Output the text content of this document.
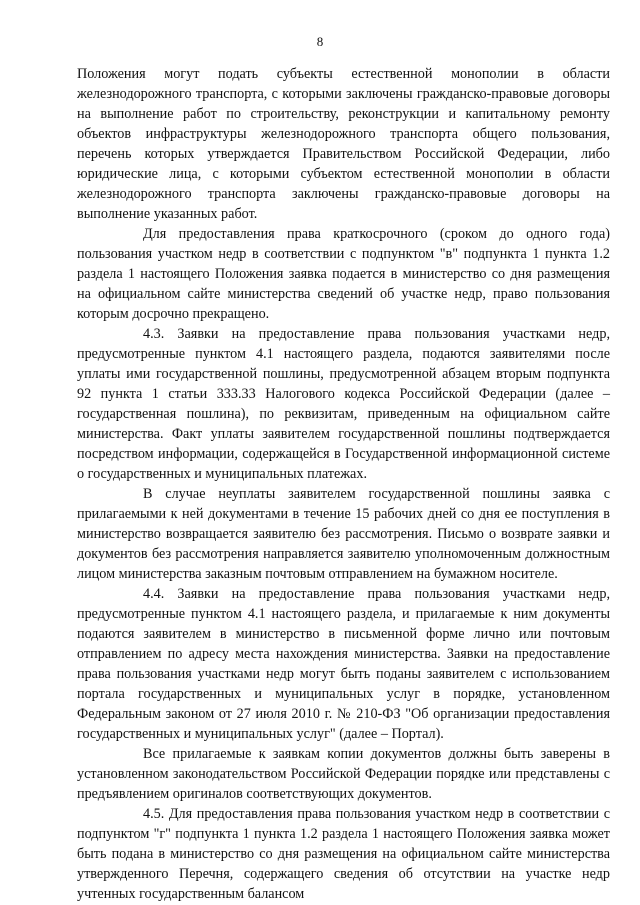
8

Положения могут подать субъекты естественной монополии в области железнодорожного транспорта, с которыми заключены гражданско-правовые договоры на выполнение работ по строительству, реконструкции и капитальному ремонту объектов инфраструктуры железнодорожного транспорта общего пользования, перечень которых утверждается Правительством Российской Федерации, либо юридические лица, с которыми субъектом естественной монополии в области железнодорожного транспорта заключены гражданско-правовые договоры на выполнение указанных работ.

Для предоставления права краткосрочного (сроком до одного года) пользования участком недр в соответствии с подпунктом "в" подпункта 1 пункта 1.2 раздела 1 настоящего Положения заявка подается в министерство со дня размещения на официальном сайте министерства сведений об участке недр, право пользования которым досрочно прекращено.

4.3. Заявки на предоставление права пользования участками недр, предусмотренные пунктом 4.1 настоящего раздела, подаются заявителями после уплаты ими государственной пошлины, предусмотренной абзацем вторым подпункта 92 пункта 1 статьи 333.33 Налогового кодекса Российской Федерации (далее – государственная пошлина), по реквизитам, приведенным на официальном сайте министерства. Факт уплаты заявителем государственной пошлины подтверждается посредством информации, содержащейся в Государственной информационной системе о государственных и муниципальных платежах.

В случае неуплаты заявителем государственной пошлины заявка с прилагаемыми к ней документами в течение 15 рабочих дней со дня ее поступления в министерство возвращается заявителю без рассмотрения. Письмо о возврате заявки и документов без рассмотрения направляется заявителю уполномоченным должностным лицом министерства заказным почтовым отправлением на бумажном носителе.

4.4. Заявки на предоставление права пользования участками недр, предусмотренные пунктом 4.1 настоящего раздела, и прилагаемые к ним документы подаются заявителем в министерство в письменной форме лично или почтовым отправлением по адресу места нахождения министерства. Заявки на предоставление права пользования участками недр могут быть поданы заявителем с использованием портала государственных и муниципальных услуг в порядке, установленном Федеральным законом от 27 июля 2010 г. № 210-ФЗ "Об организации предоставления государственных и муниципальных услуг" (далее – Портал).

Все прилагаемые к заявкам копии документов должны быть заверены в установленном законодательством Российской Федерации порядке или представлены с предъявлением оригиналов соответствующих документов.

4.5. Для предоставления права пользования участком недр в соответствии с подпунктом "г" подпункта 1 пункта 1.2 раздела 1 настоящего Положения заявка может быть подана в министерство со дня размещения на официальном сайте министерства утвержденного Перечня, содержащего сведения об отсутствии на участке недр учтенных государственным балансом
